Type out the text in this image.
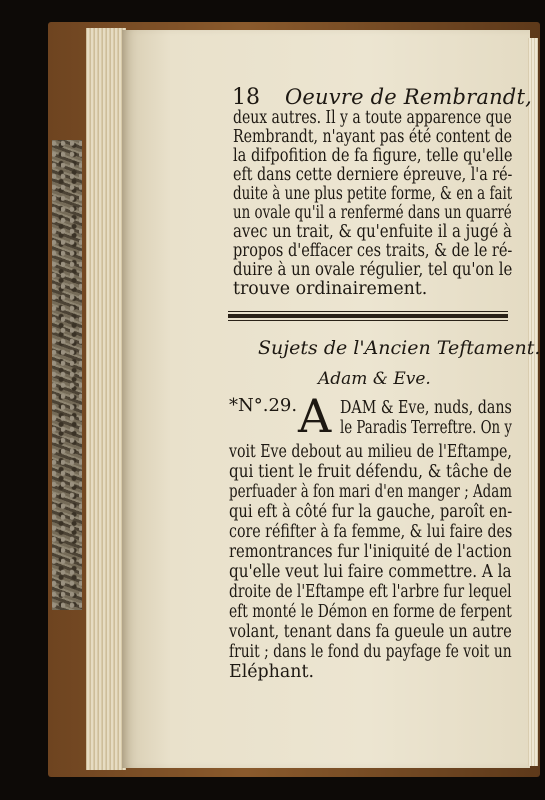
18 Oeuvre de Rembrandt,
deux autres. Il y a toute apparence que
Rembrandt, n'ayant pas été content de
la difpofition de fa figure, telle qu'elle
eft dans cette derniere épreuve, l'a ré-
duite à une plus petite forme, & en a fait
un ovale qu'il a renfermé dans un quarré
avec un trait, & qu'enfuite il a jugé à
propos d'effacer ces traits, & de le ré-
duire à un ovale régulier, tel qu'on le
trouve ordinairement.
Sujets de l'Ancien Teftament.
Adam & Eve.
*N°.29. A DAM & Eve, nuds, dans
le Paradis Terreftre. On y
voit Eve debout au milieu de l'Eftampe,
qui tient le fruit défendu, & tâche de
perfuader à fon mari d'en manger ; Adam
qui eft à côté fur la gauche, paroît en-
core réfifter à fa femme, & lui faire des
remontrances fur l'iniquité de l'action
qu'elle veut lui faire commettre. A la
droite de l'Eftampe eft l'arbre fur lequel
eft monté le Démon en forme de ferpent
volant, tenant dans fa gueule un autre
fruit ; dans le fond du payfage fe voit un
Eléphant.
